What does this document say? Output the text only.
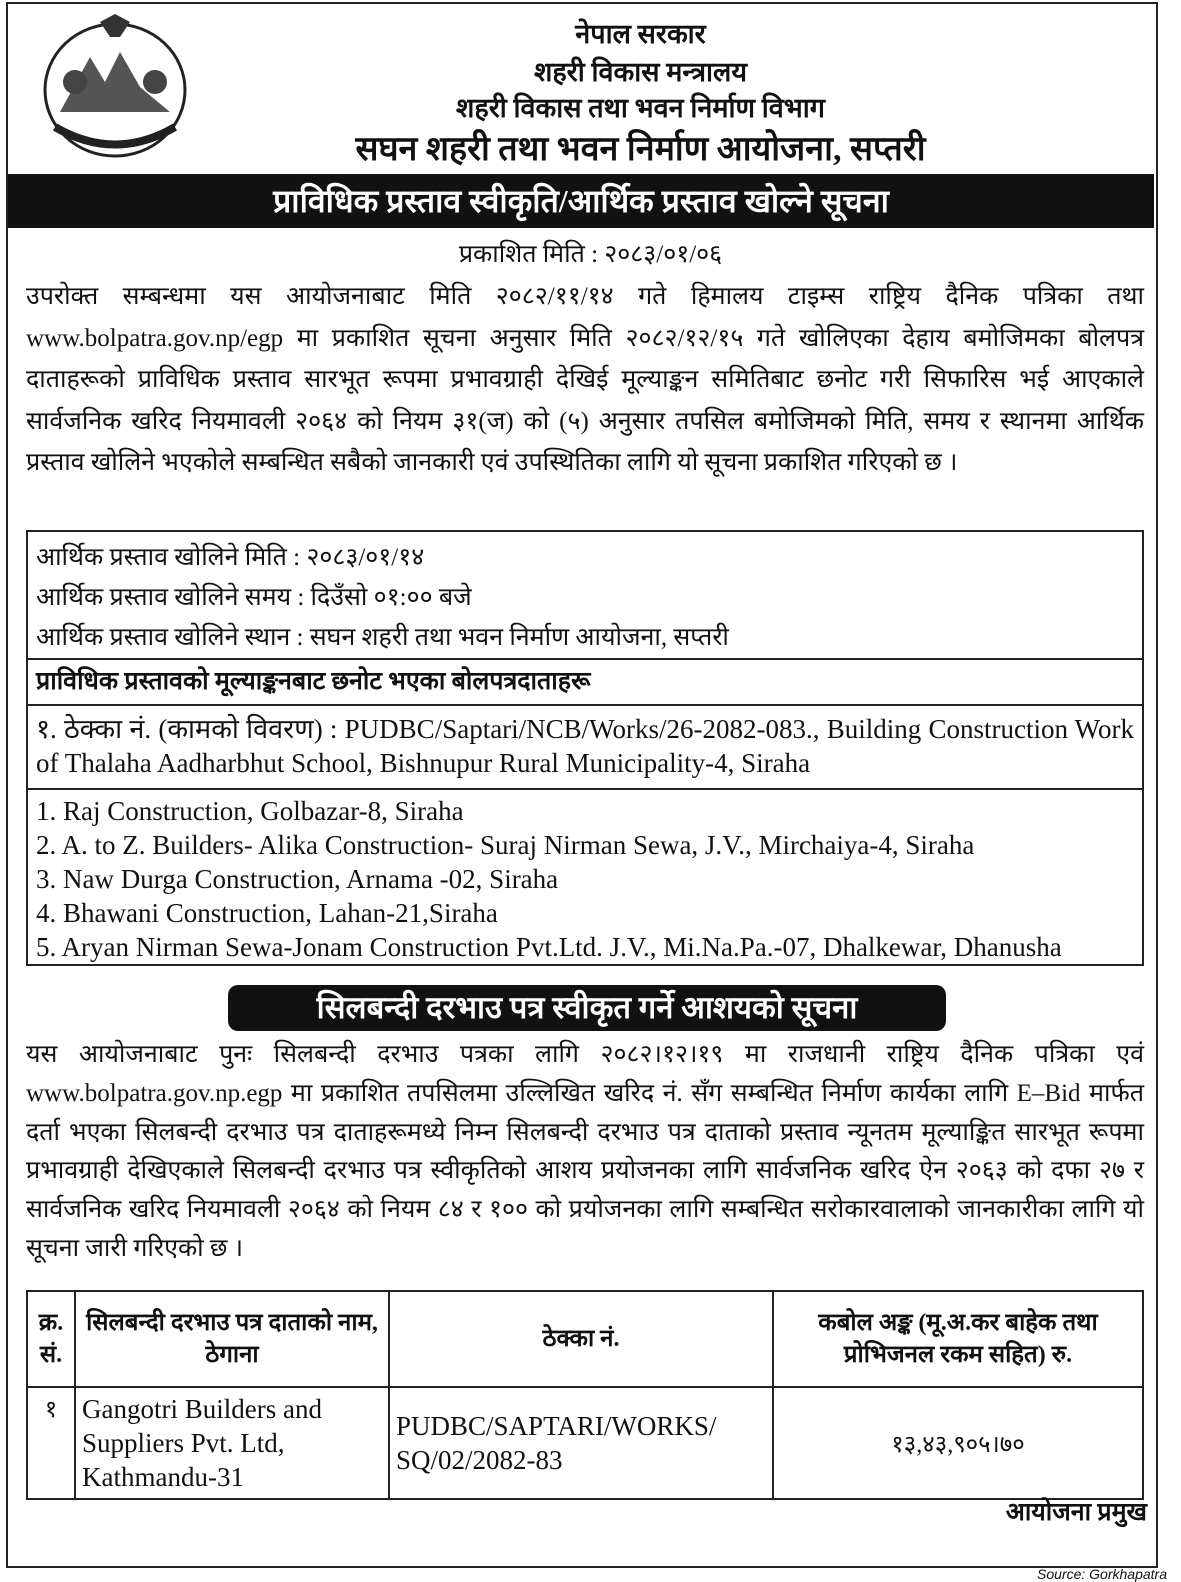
नेपाल सरकार
शहरी विकास मन्त्रालय
शहरी विकास तथा भवन निर्माण विभाग
सघन शहरी तथा भवन निर्माण आयोजना, सप्तरी
प्राविधिक प्रस्ताव स्वीकृति/आर्थिक प्रस्ताव खोल्ने सूचना
प्रकाशित मिति : २०८३/०१/०६
उपरोक्त सम्बन्धमा यस आयोजनाबाट मिति २०८२/११/१४ गते हिमालय टाइम्स राष्ट्रिय दैनिक पत्रिका तथा www.bolpatra.gov.np/egp मा प्रकाशित सूचना अनुसार मिति २०८२/१२/१५ गते खोलिएका देहाय बमोजिमका बोलपत्र दाताहरूको प्राविधिक प्रस्ताव सारभूत रूपमा प्रभावग्राही देखिई मूल्याङ्कन समितिबाट छनोट गरी सिफारिस भई आएकाले सार्वजनिक खरिद नियमावली २०६४ को नियम ३१(ज) को (५) अनुसार तपसिल बमोजिमको मिति, समय र स्थानमा आर्थिक प्रस्ताव खोलिने भएकोले सम्बन्धित सबैको जानकारी एवं उपस्थितिका लागि यो सूचना प्रकाशित गरिएको छ ।
आर्थिक प्रस्ताव खोलिने मिति : २०८३/०१/१४
आर्थिक प्रस्ताव खोलिने समय : दिउँसो ०१:०० बजे
आर्थिक प्रस्ताव खोलिने स्थान : सघन शहरी तथा भवन निर्माण आयोजना, सप्तरी
प्राविधिक प्रस्तावको मूल्याङ्कनबाट छनोट भएका बोलपत्रदाताहरू
१. ठेक्का नं. (कामको विवरण) : PUDBC/Saptari/NCB/Works/26-2082-083., Building Construction Work of Thalaha Aadharbhut School, Bishnupur Rural Municipality-4, Siraha
1. Raj Construction, Golbazar-8, Siraha
2. A. to Z. Builders- Alika Construction- Suraj Nirman Sewa, J.V., Mirchaiya-4, Siraha
3. Naw Durga Construction, Arnama -02, Siraha
4. Bhawani Construction, Lahan-21,Siraha
5. Aryan Nirman Sewa-Jonam Construction Pvt.Ltd. J.V., Mi.Na.Pa.-07, Dhalkewar, Dhanusha
सिलबन्दी दरभाउ पत्र स्वीकृत गर्ने आशयको सूचना
यस आयोजनाबाट पुनः सिलबन्दी दरभाउ पत्रका लागि २०८२।१२।१९ मा राजधानी राष्ट्रिय दैनिक पत्रिका एवं www.bolpatra.gov.np.egp मा प्रकाशित तपसिलमा उल्लिखित खरिद नं. सँग सम्बन्धित निर्माण कार्यका लागि E–Bid मार्फत दर्ता भएका सिलबन्दी दरभाउ पत्र दाताहरूमध्ये निम्न सिलबन्दी दरभाउ पत्र दाताको प्रस्ताव न्यूनतम मूल्याङ्कित सारभूत रूपमा प्रभावग्राही देखिएकाले सिलबन्दी दरभाउ पत्र स्वीकृतिको आशय प्रयोजनका लागि सार्वजनिक खरिद ऐन २०६३ को दफा २७ र सार्वजनिक खरिद नियमावली २०६४ को नियम ८४ र १०० को प्रयोजनका लागि सम्बन्धित सरोकारवालाको जानकारीका लागि यो सूचना जारी गरिएको छ ।
क्र. सं.	सिलबन्दी दरभाउ पत्र दाताको नाम, ठेगाना	ठेक्का नं.	कबोल अङ्क (मू.अ.कर बाहेक तथा प्रोभिजनल रकम सहित) रु.
१	Gangotri Builders and Suppliers Pvt. Ltd, Kathmandu-31	PUDBC/SAPTARI/WORKS/ SQ/02/2082-83	१३,४३,९०५।७०
आयोजना प्रमुख
Source: Gorkhapatra
